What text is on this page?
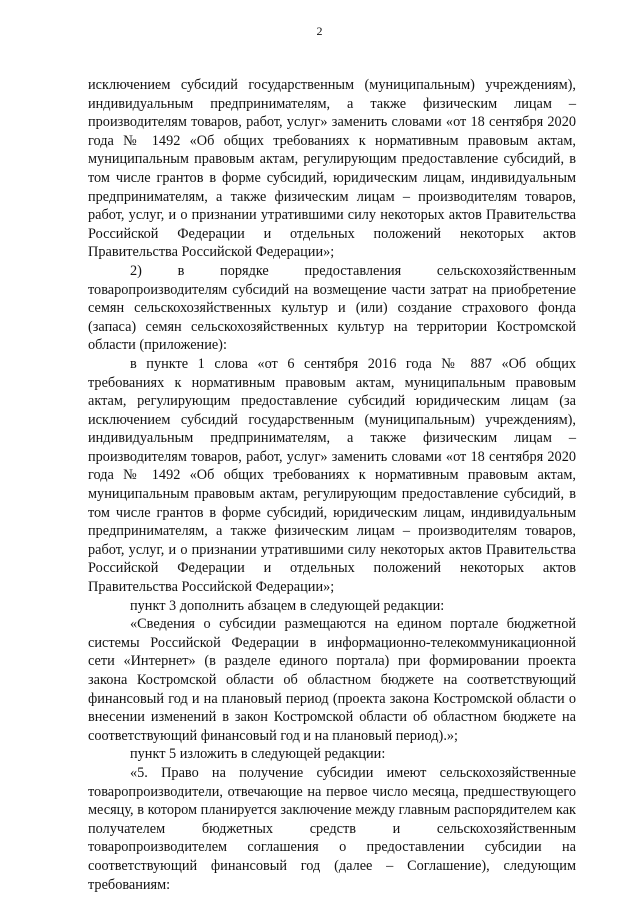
2

исключением субсидий государственным (муниципальным) учреждениям), индивидуальным предпринимателям, а также физическим лицам – производителям товаров, работ, услуг» заменить словами «от 18 сентября 2020 года № 1492 «Об общих требованиях к нормативным правовым актам, муниципальным правовым актам, регулирующим предоставление субсидий, в том числе грантов в форме субсидий, юридическим лицам, индивидуальным предпринимателям, а также физическим лицам – производителям товаров, работ, услуг, и о признании утратившими силу некоторых актов Правительства Российской Федерации и отдельных положений некоторых актов Правительства Российской Федерации»;

2) в порядке предоставления сельскохозяйственным товаропроизводителям субсидий на возмещение части затрат на приобретение семян сельскохозяйственных культур и (или) создание страхового фонда (запаса) семян сельскохозяйственных культур на территории Костромской области (приложение):

в пункте 1 слова «от 6 сентября 2016 года № 887 «Об общих требованиях к нормативным правовым актам, муниципальным правовым актам, регулирующим предоставление субсидий юридическим лицам (за исключением субсидий государственным (муниципальным) учреждениям), индивидуальным предпринимателям, а также физическим лицам – производителям товаров, работ, услуг» заменить словами «от 18 сентября 2020 года № 1492 «Об общих требованиях к нормативным правовым актам, муниципальным правовым актам, регулирующим предоставление субсидий, в том числе грантов в форме субсидий, юридическим лицам, индивидуальным предпринимателям, а также физическим лицам – производителям товаров, работ, услуг, и о признании утратившими силу некоторых актов Правительства Российской Федерации и отдельных положений некоторых актов Правительства Российской Федерации»;

пункт 3 дополнить абзацем в следующей редакции:

«Сведения о субсидии размещаются на едином портале бюджетной системы Российской Федерации в информационно-телекоммуникационной сети «Интернет» (в разделе единого портала) при формировании проекта закона Костромской области об областном бюджете на соответствующий финансовый год и на плановый период (проекта закона Костромской области о внесении изменений в закон Костромской области об областном бюджете на соответствующий финансовый год и на плановый период).»;

пункт 5 изложить в следующей редакции:

«5. Право на получение субсидии имеют сельскохозяйственные товаропроизводители, отвечающие на первое число месяца, предшествующего месяцу, в котором планируется заключение между главным распорядителем как получателем бюджетных средств и сельскохозяйственным товаропроизводителем соглашения о предоставлении субсидии на соответствующий финансовый год (далее – Соглашение), следующим требованиям:
